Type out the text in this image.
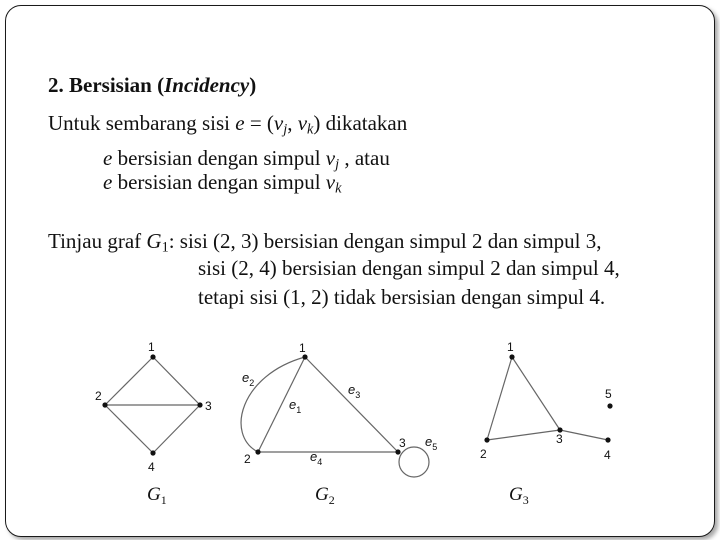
2. Bersisian (Incidency)
Untuk sembarang sisi $e = (v_j$, $v_k$) dikatakan
e bersisian dengan simpul $v_j$ , atau
e bersisian dengan simpul $v_k$
Tinjau graf $G_1$: sisi (2, 3) bersisian dengan simpul 2 dan simpul 3,
sisi (2, 4) bersisian dengan simpul 2 dan simpul 4,
tetapi sisi (1, 2) tidak bersisian dengan simpul 4.
1
2
3
4
$G_1$
1
2
3
$e_1$
$e_2$	$e_3$
$e_4$
$e_5$
$G_2$
1
2
3
4
5
$G_3$
